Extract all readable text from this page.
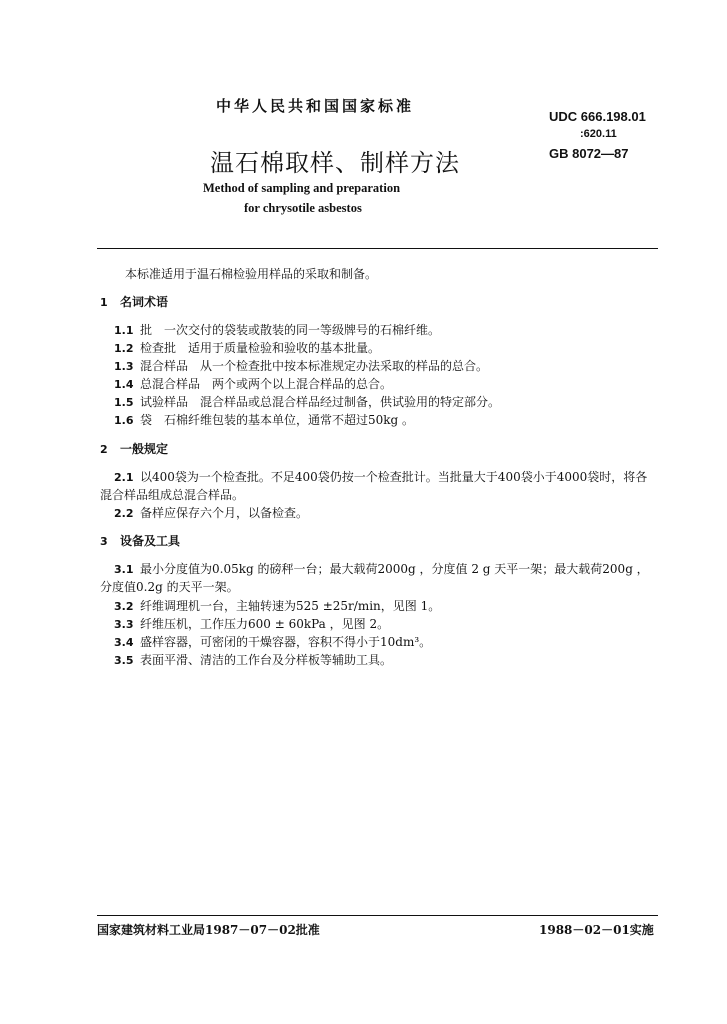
中华人民共和国国家标准
温石棉取样、制样方法
Method of sampling and preparation
for chrysotile asbestos
UDC 666.198.01
:620.11
GB 8072—87
本标准适用于温石棉检验用样品的采取和制备。
1 名词术语
1.1 批　一次交付的袋装或散装的同一等级牌号的石棉纤维。
1.2 检查批　适用于质量检验和验收的基本批量。
1.3 混合样品　从一个检查批中按本标准规定办法采取的样品的总合。
1.4 总混合样品　两个或两个以上混合样品的总合。
1.5 试验样品　混合样品或总混合样品经过制备，供试验用的特定部分。
1.6 袋　石棉纤维包装的基本单位，通常不超过50kg 。
2 一般规定
2.1 以400袋为一个检查批。不足400袋仍按一个检查批计。当批量大于400袋小于4000袋时，将各
混合样品组成总混合样品。
2.2 备样应保存六个月，以备检查。
3 设备及工具
3.1 最小分度值为0.05kg 的磅秤一台；最大载荷2000g ，分度值 2 g 天平一架；最大载荷200g ，
分度值0.2g 的天平一架。
3.2 纤维调理机一台，主轴转速为525 ±25r/min，见图 1。
3.3 纤维压机，工作压力600 ± 60kPa ，见图 2。
3.4 盛样容器，可密闭的干燥容器，容积不得小于10dm³。
3.5 表面平滑、清洁的工作台及分样板等辅助工具。
国家建筑材料工业局1987－07－02批准	1988－02－01实施
